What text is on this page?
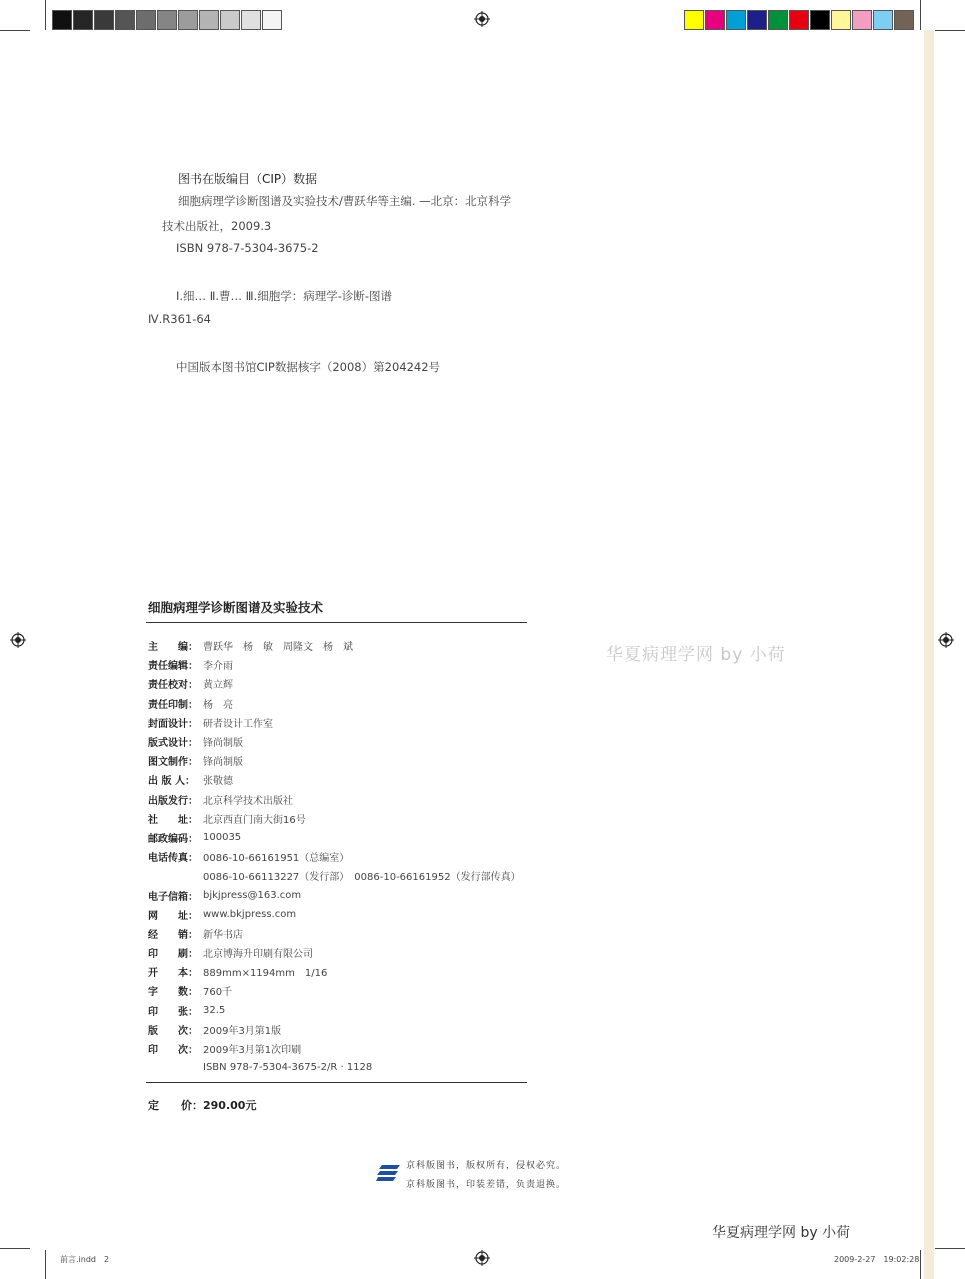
图书在版编目（CIP）数据
细胞病理学诊断图谱及实验技术/曹跃华等主编. —北京：北京科学
技术出版社，2009.3
ISBN 978-7-5304-3675-2
Ⅰ.细… Ⅱ.曹… Ⅲ.细胞学：病理学-诊断-图谱
Ⅳ.R361-64
中国版本图书馆CIP数据核字（2008）第204242号
细胞病理学诊断图谱及实验技术
主　　编： 曹跃华　杨　敏　周隆文　杨　斌
责任编辑： 李介雨
责任校对： 黄立辉
责任印制： 杨　亮
封面设计： 研者设计工作室
版式设计： 锋尚制版
图文制作： 锋尚制版
出 版 人： 张敬德
出版发行： 北京科学技术出版社
社　　址： 北京西直门南大街16号
邮政编码： 100035
电话传真： 0086-10-66161951（总编室）
0086-10-66113227（发行部）　0086-10-66161952（发行部传真）
电子信箱： bjkjpress@163.com
网　　址： www.bkjpress.com
经　　销： 新华书店
印　　刷： 北京博海升印刷有限公司
开　　本： 889mm×1194mm　1/16
字　　数： 760千
印　　张： 32.5
版　　次： 2009年3月第1版
印　　次： 2009年3月第1次印刷
ISBN 978-7-5304-3675-2/R · 1128
定　　价：290.00元
华夏病理学网 by 小荷
京科版图书，版权所有，侵权必究。
京科版图书，印装差错，负责退换。
华夏病理学网 by 小荷
前言.indd　2	2009-2-27　19:02:28
